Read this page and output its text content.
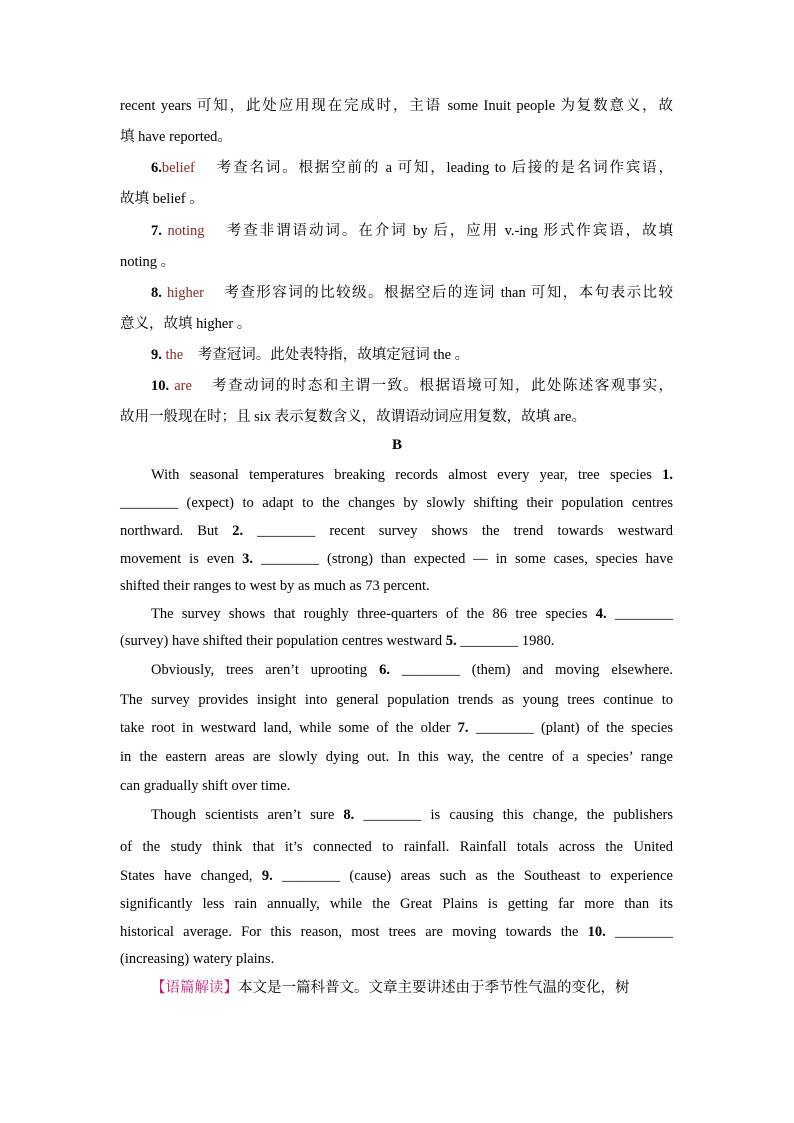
recent years 可知，此处应用现在完成时，主语 some Inuit people 为复数意义，故
填 have reported。
6.belief 考查名词。根据空前的 a 可知，leading to 后接的是名词作宾语，
故填 belief 。
7. noting 考查非谓语动词。在介词 by 后，应用 v.-ing 形式作宾语，故填
noting 。
8. higher 考查形容词的比较级。根据空后的连词 than 可知，本句表示比较
意义，故填 higher 。
9. the 考查冠词。此处表特指，故填定冠词 the 。
10. are 考查动词的时态和主谓一致。根据语境可知，此处陈述客观事实，
故用一般现在时；且 six 表示复数含义，故谓语动词应用复数，故填 are。
B
With seasonal temperatures breaking records almost every year, tree species 1.
________ (expect) to adapt to the changes by slowly shifting their population centres
northward. But 2. ________ recent survey shows the trend towards westward
movement is even 3. ________ (strong) than expected — in some cases, species have
shifted their ranges to west by as much as 73 percent.
The survey shows that roughly three-quarters of the 86 tree species 4. ________
(survey) have shifted their population centres westward 5. ________ 1980.
Obviously, trees aren’t uprooting 6. ________ (them) and moving elsewhere.
The survey provides insight into general population trends as young trees continue to
take root in westward land, while some of the older 7. ________ (plant) of the species
in the eastern areas are slowly dying out. In this way, the centre of a species’ range
can gradually shift over time.
Though scientists aren’t sure 8. ________ is causing this change, the publishers
of the study think that it’s connected to rainfall. Rainfall totals across the United
States have changed, 9. ________ (cause) areas such as the Southeast to experience
significantly less rain annually, while the Great Plains is getting far more than its
historical average. For this reason, most trees are moving towards the 10. ________
(increasing) watery plains.
【语篇解读】本文是一篇科普文。文章主要讲述由于季节性气温的变化，树
